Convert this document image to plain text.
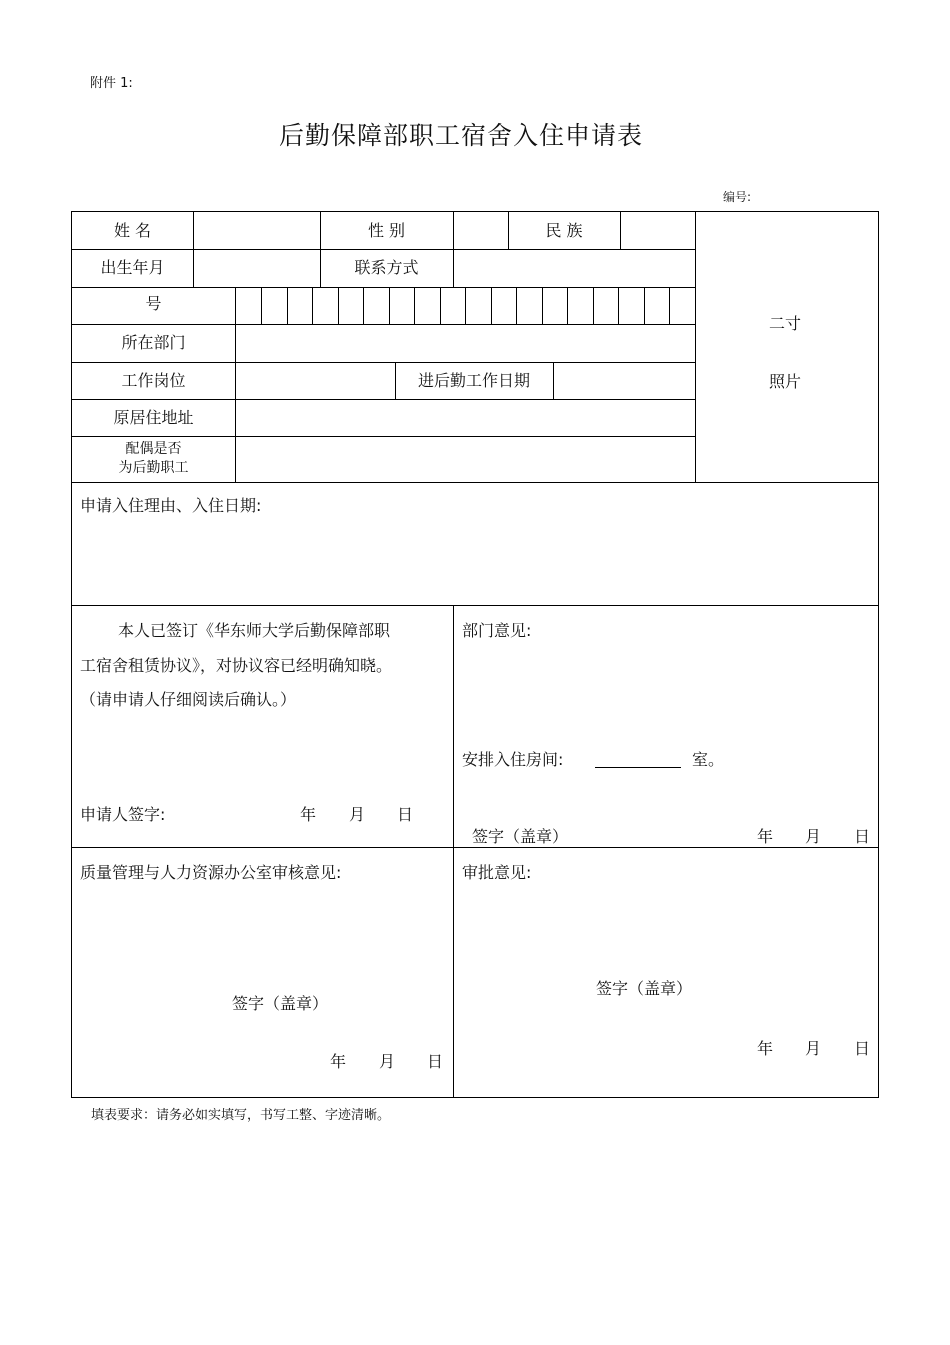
附件 1:
后勤保障部职工宿舍入住申请表
编号:
姓 名	性 别	民 族
出生年月	联系方式
号
所在部门
工作岗位	进后勤工作日期
原居住地址
配偶是否
为后勤职工
二寸
照片
申请入住理由、入住日期:
本人已签订《华东师大学后勤保障部职
工宿舍租赁协议》，对协议容已经明确知晓。
（请申请人仔细阅读后确认。）
申请人签字:	年 月 日
部门意见:
安排入住房间:	室。
签字（盖章）	年 月 日
质量管理与人力资源办公室审核意见:
签字（盖章）
年 月 日
审批意见:
签字（盖章）
年 月 日
填表要求：请务必如实填写，书写工整、字迹清晰。
